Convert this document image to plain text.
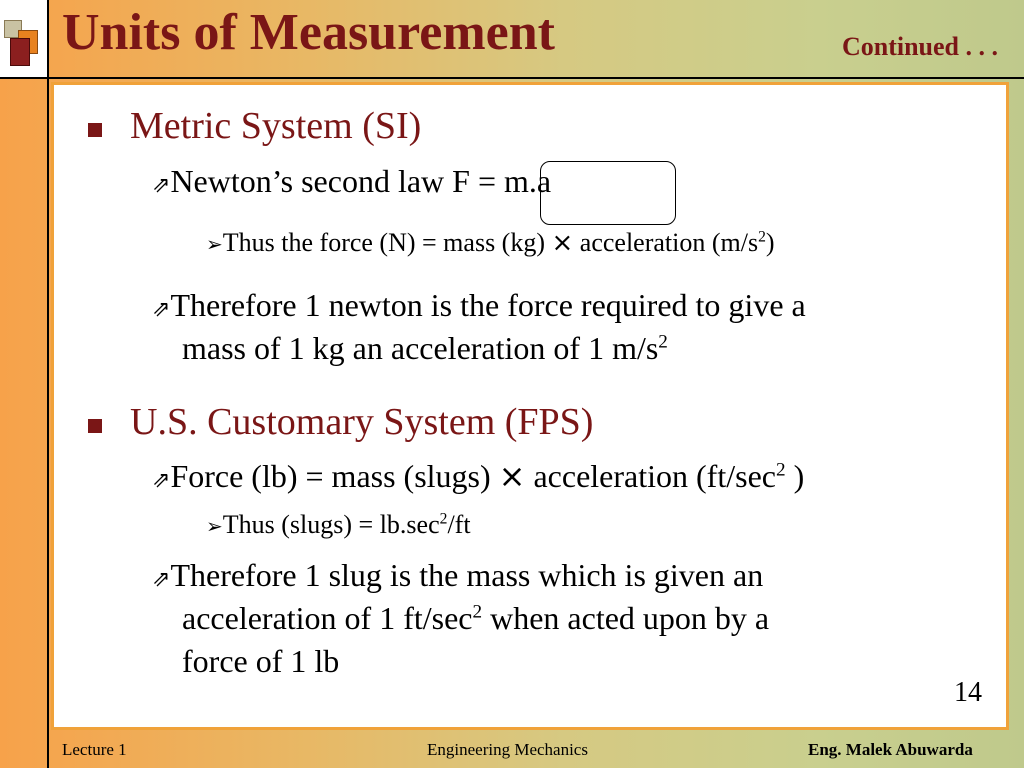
Units of Measurement	Continued . . .
Metric System (SI)
⇗Newton’s second law F = m.a
➢Thus the force (N) = mass (kg) × acceleration $(m/s^2)$
⇗Therefore 1 newton is the force required to give a
mass of 1 kg an acceleration of 1 $m/s^2$
U.S. Customary System (FPS)
⇗Force (lb) = mass (slugs) × acceleration ($ft/\sec^2$ )
➢Thus (slugs) = $lb.\sec^2/ft$
⇗Therefore 1 slug is the mass which is given an
acceleration of 1 $ft/\sec^2$ when acted upon by a
force of 1 lb
14
Lecture 1	Engineering Mechanics	Eng. Malek Abuwarda
